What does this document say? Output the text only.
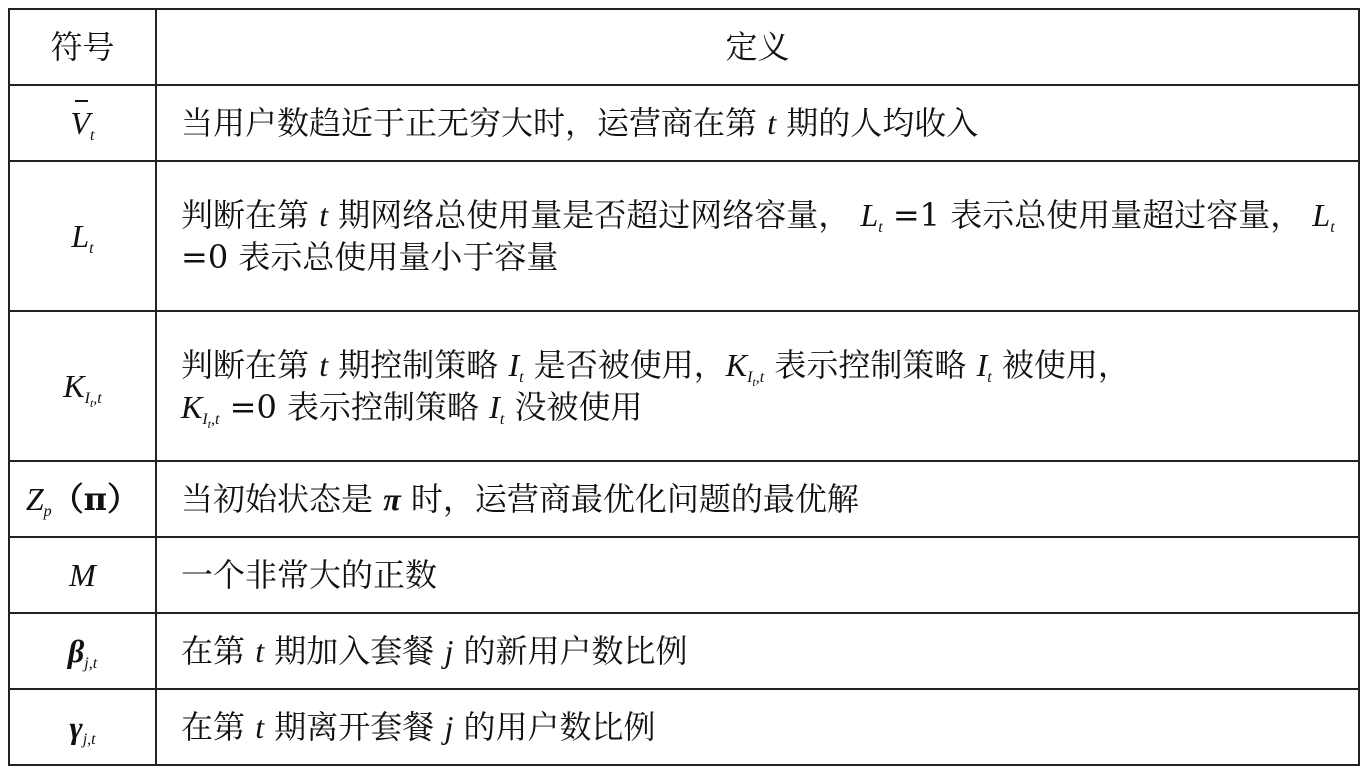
符号	定义
$V_t$	当用户数趋近于正无穷大时，运营商在第 t 期的人均收入
$L_t$	判断在第 t 期网络总使用量是否超过网络容量， $L_t =1$ 表示总使用量超过容量， $L_t =0$ 表示总使用量小于容量
$K_{I_t,t}$	判断在第 t 期控制策略 $I_t$ 是否被使用，$K_{I_t,t}$ 表示控制策略 $I_t$ 被使用，
$K_{I_t,t} =0$ 表示控制策略 $I_t$ 没被使用
$Z_p(\pi)$	当初始状态是 π 时，运营商最优化问题的最优解
M	一个非常大的正数
$\beta_{j,t}$	在第 t 期加入套餐 j 的新用户数比例
$\gamma_{j,t}$	在第 t 期离开套餐 j 的用户数比例
